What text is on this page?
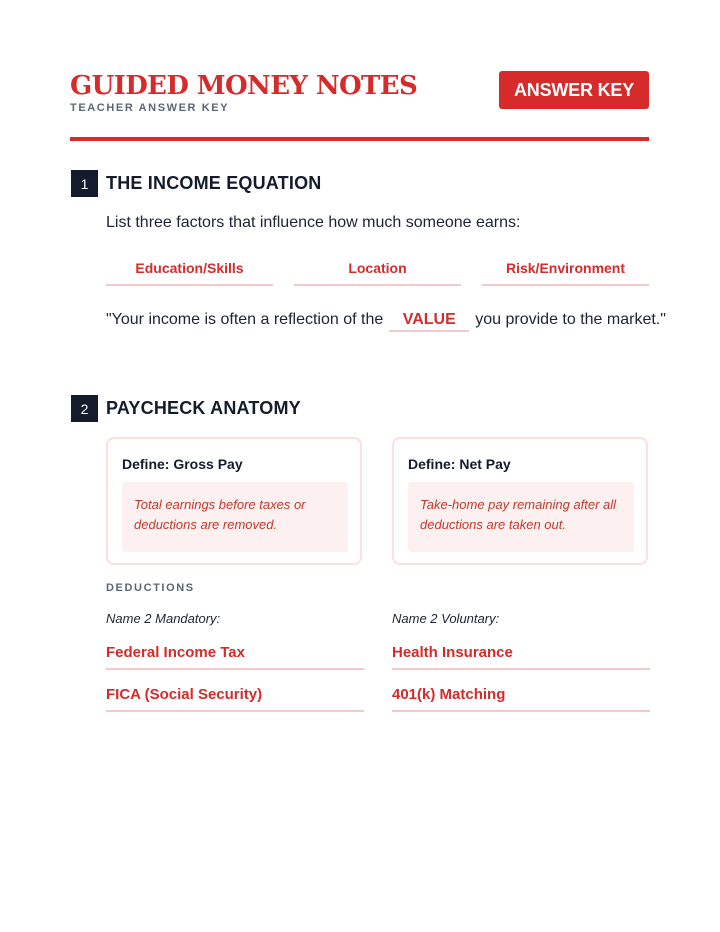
GUIDED MONEY NOTES
TEACHER ANSWER KEY
ANSWER KEY
1 THE INCOME EQUATION
List three factors that influence how much someone earns:
Education/Skills	Location	Risk/Environment
"Your income is often a reflection of the VALUE you provide to the market."
2 PAYCHECK ANATOMY
Define: Gross Pay
Total earnings before taxes or deductions are removed.
Define: Net Pay
Take-home pay remaining after all deductions are taken out.
DEDUCTIONS
Name 2 Mandatory:	Name 2 Voluntary:
Federal Income Tax	Health Insurance
FICA (Social Security)	401(k) Matching
